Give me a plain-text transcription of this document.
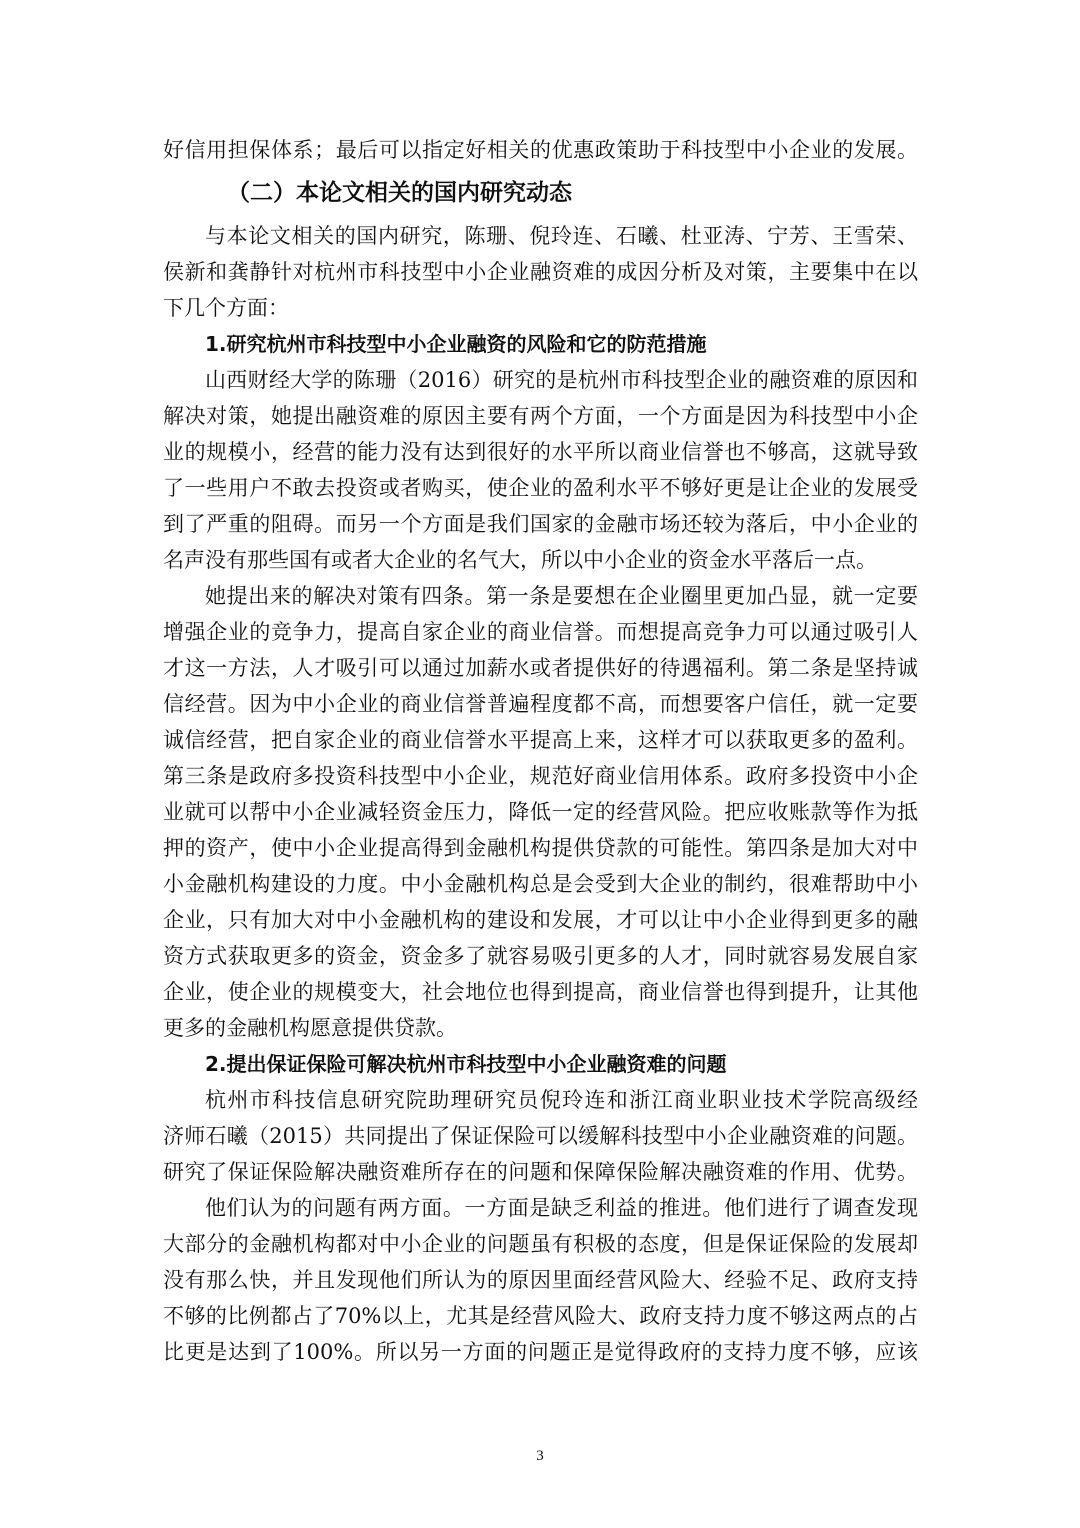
好信用担保体系；最后可以指定好相关的优惠政策助于科技型中小企业的发展。
（二）本论文相关的国内研究动态
与本论文相关的国内研究，陈珊、倪玲连、石曦、杜亚涛、宁芳、王雪荣、
侯新和龚静针对杭州市科技型中小企业融资难的成因分析及对策，主要集中在以
下几个方面：
1.研究杭州市科技型中小企业融资的风险和它的防范措施
山西财经大学的陈珊（2016）研究的是杭州市科技型企业的融资难的原因和
解决对策，她提出融资难的原因主要有两个方面，一个方面是因为科技型中小企
业的规模小，经营的能力没有达到很好的水平所以商业信誉也不够高，这就导致
了一些用户不敢去投资或者购买，使企业的盈利水平不够好更是让企业的发展受
到了严重的阻碍。而另一个方面是我们国家的金融市场还较为落后，中小企业的
名声没有那些国有或者大企业的名气大，所以中小企业的资金水平落后一点。
她提出来的解决对策有四条。第一条是要想在企业圈里更加凸显，就一定要
增强企业的竞争力，提高自家企业的商业信誉。而想提高竞争力可以通过吸引人
才这一方法，人才吸引可以通过加薪水或者提供好的待遇福利。第二条是坚持诚
信经营。因为中小企业的商业信誉普遍程度都不高，而想要客户信任，就一定要
诚信经营，把自家企业的商业信誉水平提高上来，这样才可以获取更多的盈利。
第三条是政府多投资科技型中小企业，规范好商业信用体系。政府多投资中小企
业就可以帮中小企业减轻资金压力，降低一定的经营风险。把应收账款等作为抵
押的资产，使中小企业提高得到金融机构提供贷款的可能性。第四条是加大对中
小金融机构建设的力度。中小金融机构总是会受到大企业的制约，很难帮助中小
企业，只有加大对中小金融机构的建设和发展，才可以让中小企业得到更多的融
资方式获取更多的资金，资金多了就容易吸引更多的人才，同时就容易发展自家
企业，使企业的规模变大，社会地位也得到提高，商业信誉也得到提升，让其他
更多的金融机构愿意提供贷款。
2.提出保证保险可解决杭州市科技型中小企业融资难的问题
杭州市科技信息研究院助理研究员倪玲连和浙江商业职业技术学院高级经
济师石曦（2015）共同提出了保证保险可以缓解科技型中小企业融资难的问题。
研究了保证保险解决融资难所存在的问题和保障保险解决融资难的作用、优势。
他们认为的问题有两方面。一方面是缺乏利益的推进。他们进行了调查发现
大部分的金融机构都对中小企业的问题虽有积极的态度，但是保证保险的发展却
没有那么快，并且发现他们所认为的原因里面经营风险大、经验不足、政府支持
不够的比例都占了70%以上，尤其是经营风险大、政府支持力度不够这两点的占
比更是达到了100%。所以另一方面的问题正是觉得政府的支持力度不够，应该
3
